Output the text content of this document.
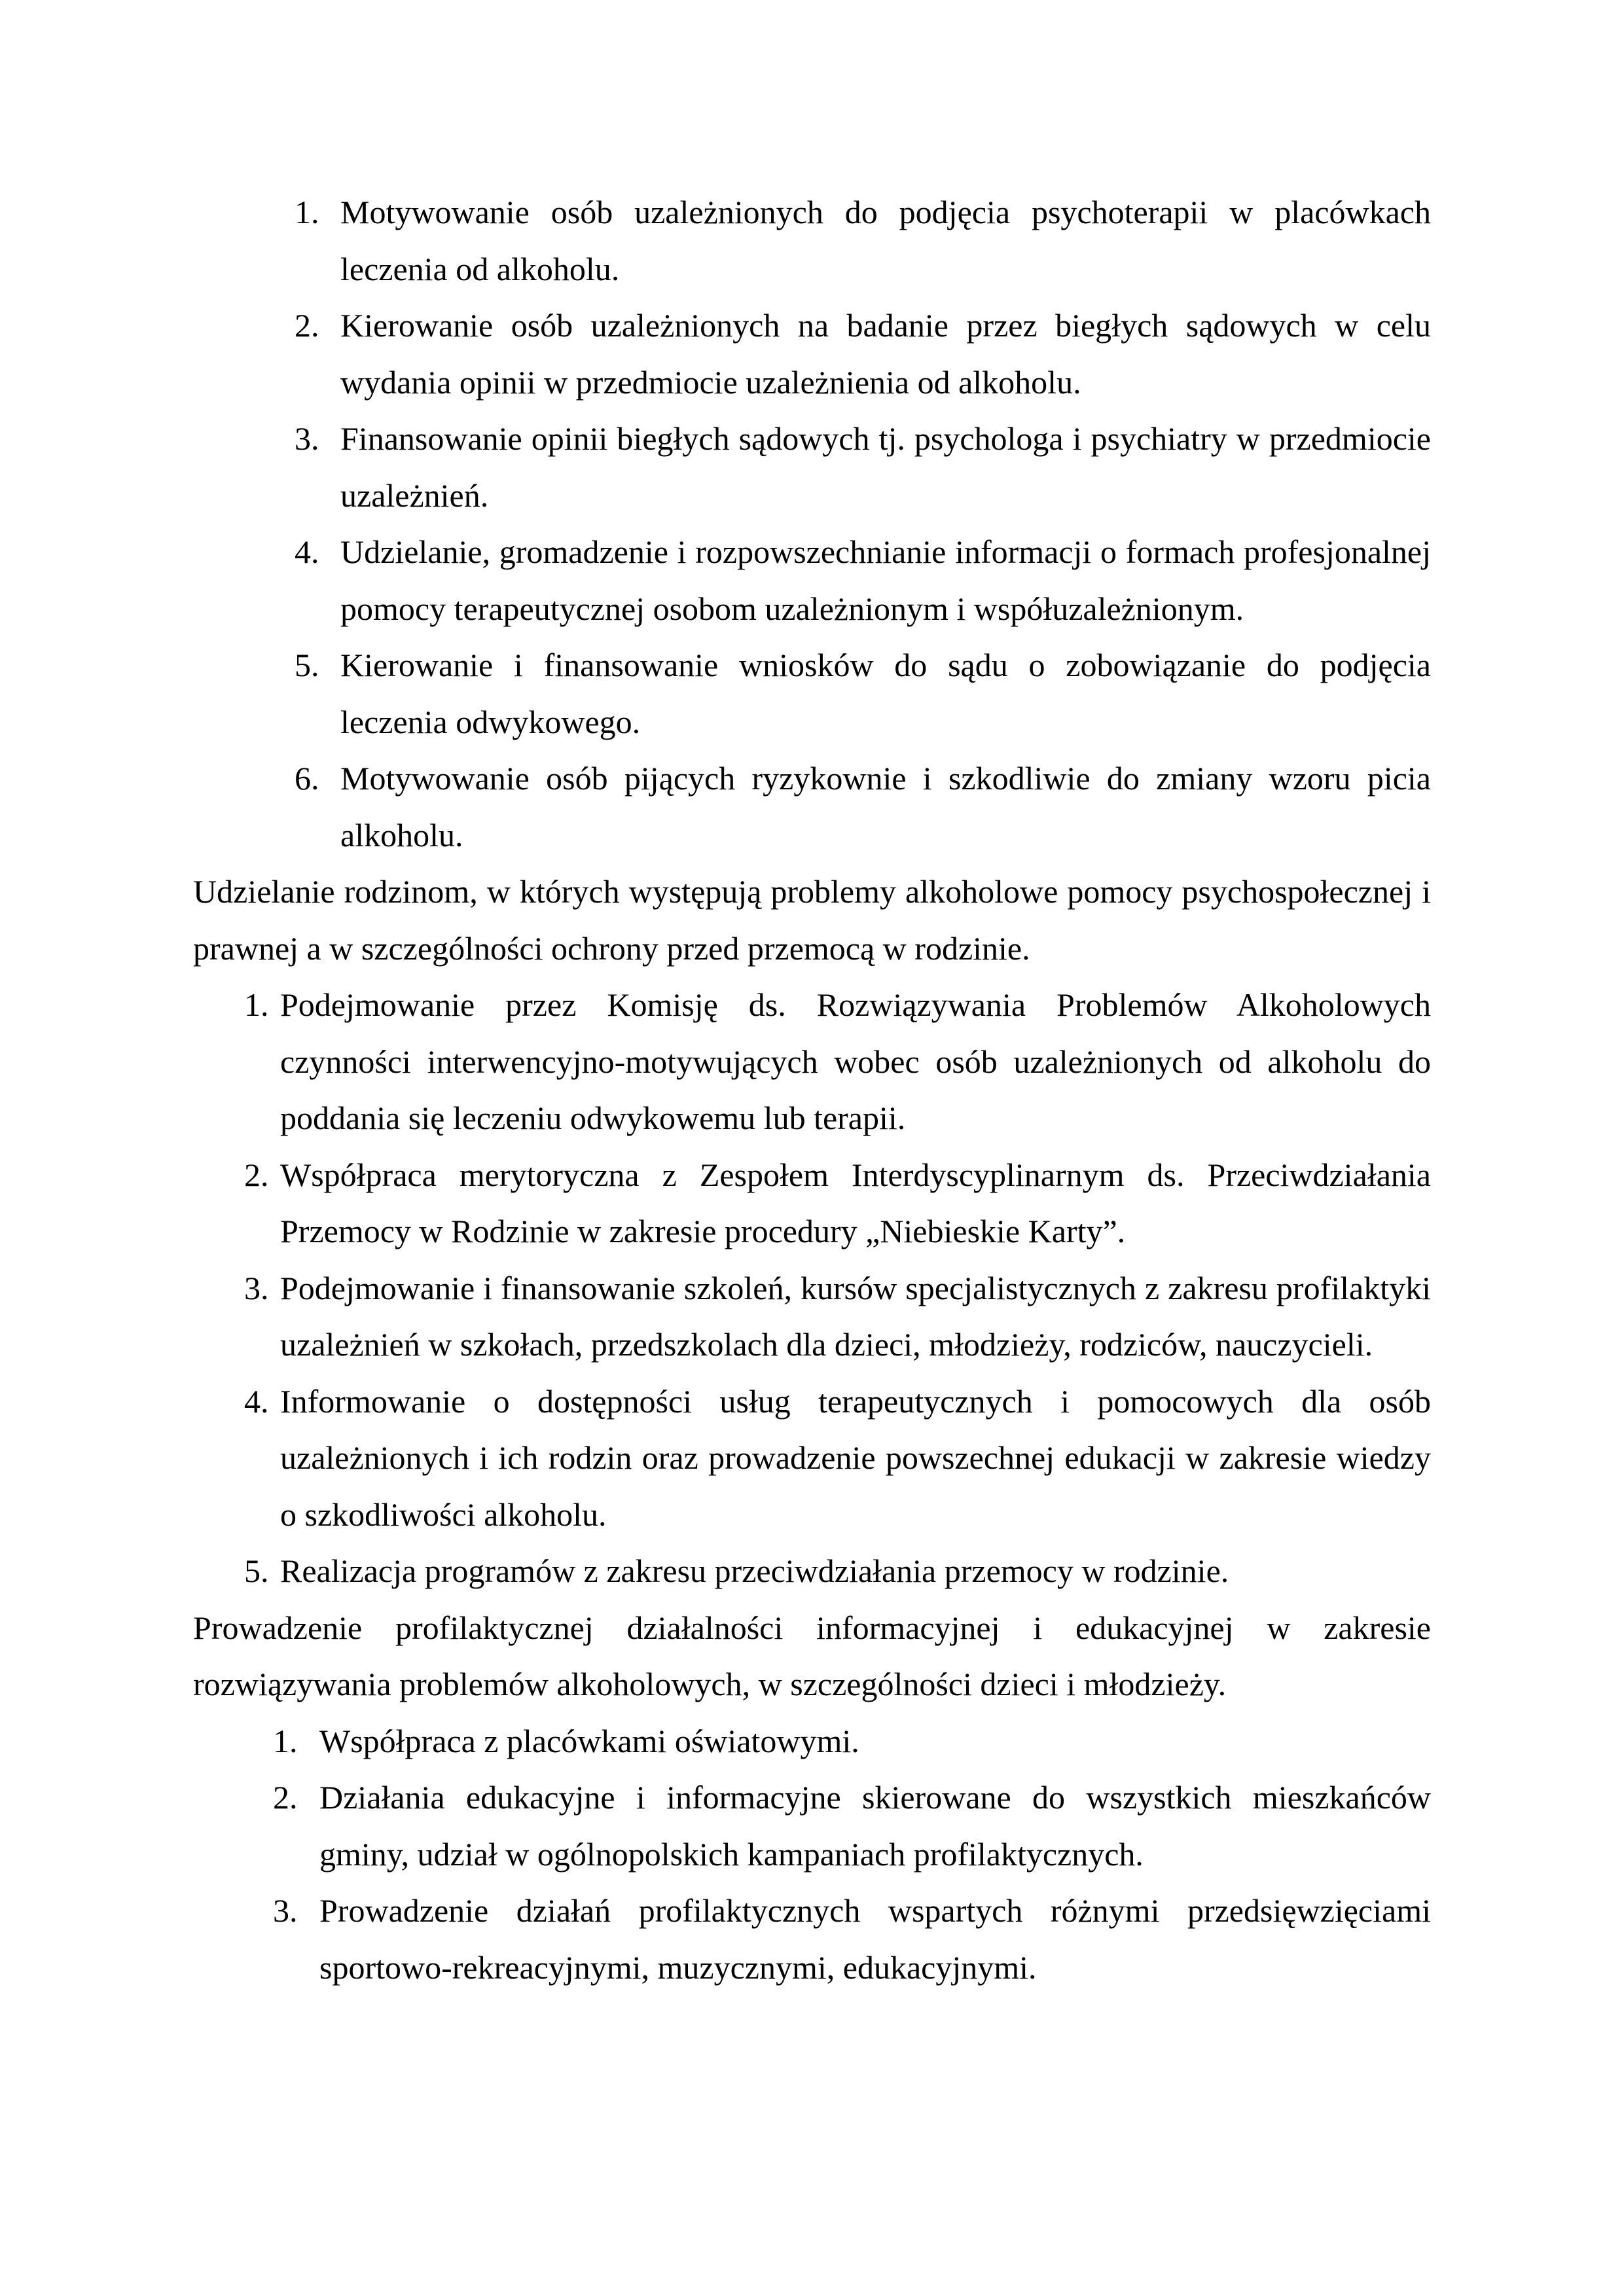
1. Motywowanie osób uzależnionych do podjęcia psychoterapii w placówkach leczenia od alkoholu.
2. Kierowanie osób uzależnionych na badanie przez biegłych sądowych w celu wydania opinii w przedmiocie uzależnienia od alkoholu.
3. Finansowanie opinii biegłych sądowych tj. psychologa i psychiatry w przedmiocie uzależnień.
4. Udzielanie, gromadzenie i rozpowszechnianie informacji o formach profesjonalnej pomocy terapeutycznej osobom uzależnionym i współuzależnionym.
5. Kierowanie i finansowanie wniosków do sądu o zobowiązanie do podjęcia leczenia odwykowego.
6. Motywowanie osób pijących ryzykownie i szkodliwie do zmiany wzoru picia alkoholu.

Udzielanie rodzinom, w których występują problemy alkoholowe pomocy psychospołecznej i prawnej a w szczególności ochrony przed przemocą w rodzinie.

1. Podejmowanie przez Komisję ds. Rozwiązywania Problemów Alkoholowych czynności interwencyjno-motywujących wobec osób uzależnionych od alkoholu do poddania się leczeniu odwykowemu lub terapii.
2. Współpraca merytoryczna z Zespołem Interdyscyplinarnym ds. Przeciwdziałania Przemocy w Rodzinie w zakresie procedury „Niebieskie Karty”.
3. Podejmowanie i finansowanie szkoleń, kursów specjalistycznych z zakresu profilaktyki uzależnień w szkołach, przedszkolach dla dzieci, młodzieży, rodziców, nauczycieli.
4. Informowanie o dostępności usług terapeutycznych i pomocowych dla osób uzależnionych i ich rodzin oraz prowadzenie powszechnej edukacji w zakresie wiedzy o szkodliwości alkoholu.
5. Realizacja programów z zakresu przeciwdziałania przemocy w rodzinie.

Prowadzenie profilaktycznej działalności informacyjnej i edukacyjnej w zakresie rozwiązywania problemów alkoholowych, w szczególności dzieci i młodzieży.

1. Współpraca z placówkami oświatowymi.
2. Działania edukacyjne i informacyjne skierowane do wszystkich mieszkańców gminy, udział w ogólnopolskich kampaniach profilaktycznych.
3. Prowadzenie działań profilaktycznych wspartych różnymi przedsięwzięciami sportowo-rekreacyjnymi, muzycznymi, edukacyjnymi.
